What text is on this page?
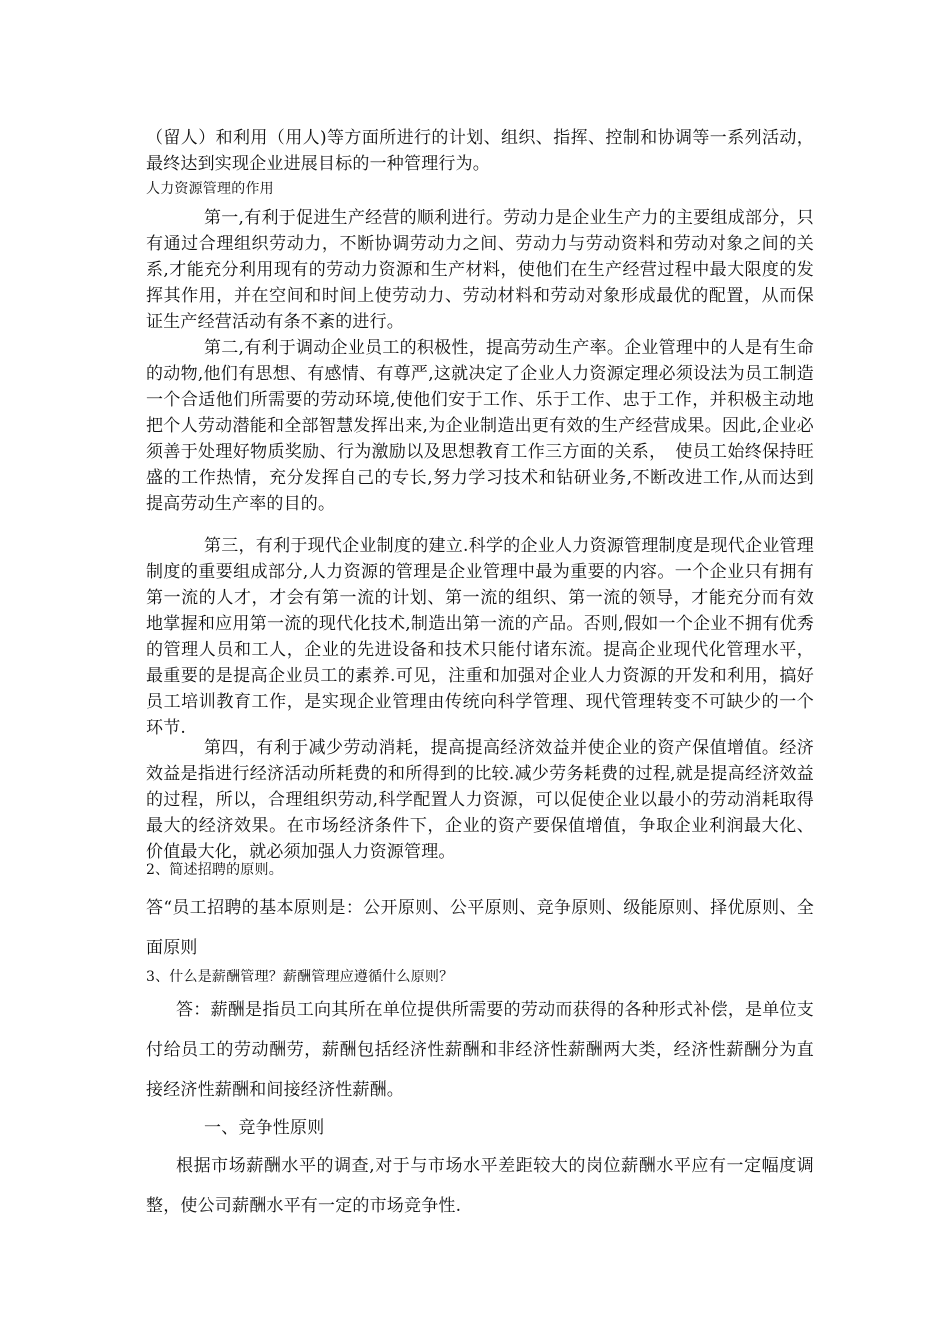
（留人）和利用（用人)等方面所进行的计划、组织、指挥、控制和协调等一系列活动，最终达到实现企业进展目标的一种管理行为。

人力资源管理的作用

第一,有利于促进生产经营的顺利进行。劳动力是企业生产力的主要组成部分，只有通过合理组织劳动力，不断协调劳动力之间、劳动力与劳动资料和劳动对象之间的关系,才能充分利用现有的劳动力资源和生产材料，使他们在生产经营过程中最大限度的发挥其作用，并在空间和时间上使劳动力、劳动材料和劳动对象形成最优的配置，从而保证生产经营活动有条不紊的进行。

第二,有利于调动企业员工的积极性，提高劳动生产率。企业管理中的人是有生命的动物,他们有思想、有感情、有尊严,这就决定了企业人力资源定理必须设法为员工制造一个合适他们所需要的劳动环境,使他们安于工作、乐于工作、忠于工作，并积极主动地把个人劳动潜能和全部智慧发挥出来,为企业制造出更有效的生产经营成果。因此,企业必须善于处理好物质奖励、行为激励以及思想教育工作三方面的关系，　使员工始终保持旺盛的工作热情，充分发挥自己的专长,努力学习技术和钻研业务,不断改进工作,从而达到提高劳动生产率的目的。

第三，有利于现代企业制度的建立.科学的企业人力资源管理制度是现代企业管理制度的重要组成部分,人力资源的管理是企业管理中最为重要的内容。一个企业只有拥有第一流的人才，才会有第一流的计划、第一流的组织、第一流的领导，才能充分而有效地掌握和应用第一流的现代化技术,制造出第一流的产品。否则,假如一个企业不拥有优秀的管理人员和工人，企业的先进设备和技术只能付诸东流。提高企业现代化管理水平，最重要的是提高企业员工的素养.可见，注重和加强对企业人力资源的开发和利用，搞好员工培训教育工作，是实现企业管理由传统向科学管理、现代管理转变不可缺少的一个环节.

第四，有利于减少劳动消耗，提高提高经济效益并使企业的资产保值增值。经济效益是指进行经济活动所耗费的和所得到的比较.减少劳务耗费的过程,就是提高经济效益的过程，所以，合理组织劳动,科学配置人力资源，可以促使企业以最小的劳动消耗取得最大的经济效果。在市场经济条件下，企业的资产要保值增值，争取企业利润最大化、价值最大化，就必须加强人力资源管理。

2、简述招聘的原则。

答“员工招聘的基本原则是：公开原则、公平原则、竞争原则、级能原则、择优原则、全面原则

3、什么是薪酬管理？薪酬管理应遵循什么原则？

答：薪酬是指员工向其所在单位提供所需要的劳动而获得的各种形式补偿，是单位支付给员工的劳动酬劳，薪酬包括经济性薪酬和非经济性薪酬两大类，经济性薪酬分为直接经济性薪酬和间接经济性薪酬。

一、竞争性原则

根据市场薪酬水平的调查,对于与市场水平差距较大的岗位薪酬水平应有一定幅度调整，使公司薪酬水平有一定的市场竞争性.
